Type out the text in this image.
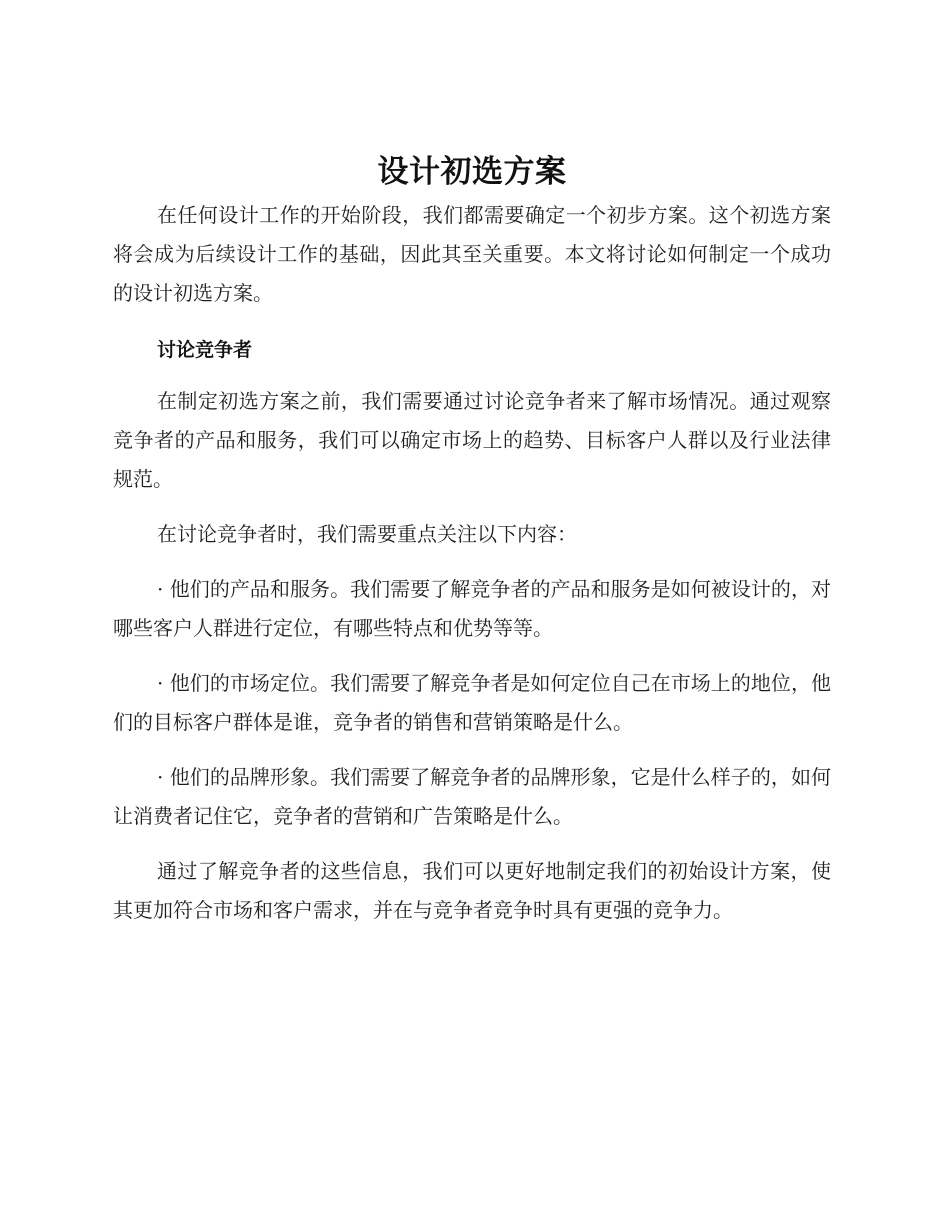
设计初选方案

在任何设计工作的开始阶段，我们都需要确定一个初步方案。这个初选方案将会成为后续设计工作的基础，因此其至关重要。本文将讨论如何制定一个成功的设计初选方案。

讨论竞争者

在制定初选方案之前，我们需要通过讨论竞争者来了解市场情况。通过观察竞争者的产品和服务，我们可以确定市场上的趋势、目标客户人群以及行业法律规范。

在讨论竞争者时，我们需要重点关注以下内容：

· 他们的产品和服务。我们需要了解竞争者的产品和服务是如何被设计的，对哪些客户人群进行定位，有哪些特点和优势等等。

· 他们的市场定位。我们需要了解竞争者是如何定位自己在市场上的地位，他们的目标客户群体是谁，竞争者的销售和营销策略是什么。

· 他们的品牌形象。我们需要了解竞争者的品牌形象，它是什么样子的，如何让消费者记住它，竞争者的营销和广告策略是什么。

通过了解竞争者的这些信息，我们可以更好地制定我们的初始设计方案，使其更加符合市场和客户需求，并在与竞争者竞争时具有更强的竞争力。
